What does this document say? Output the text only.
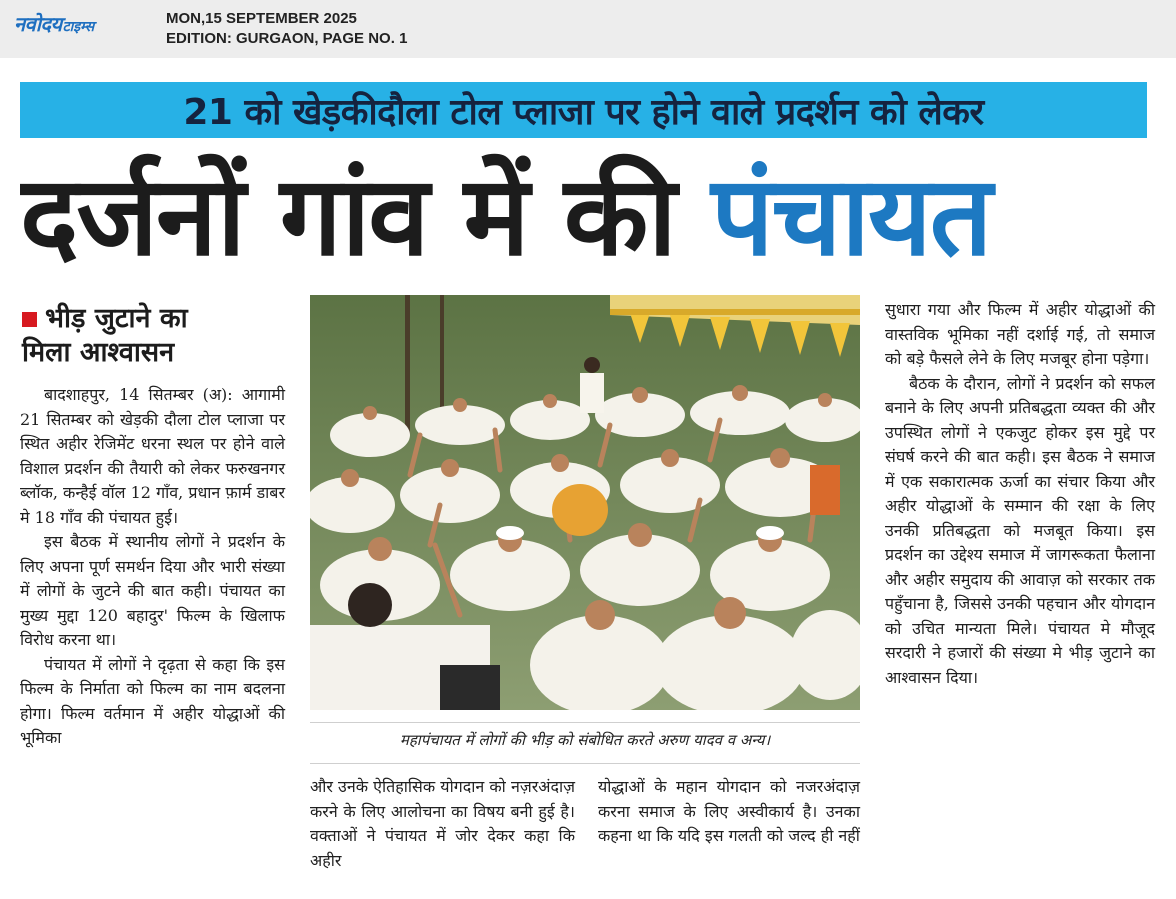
नवोदय टाइम्स	MON,15 SEPTEMBER 2025
EDITION: GURGAON, PAGE NO. 1
21 को खेड़कीदौला टोल प्लाजा पर होने वाले प्रदर्शन को लेकर
दर्जनों गांव में की पंचायत
भीड़ जुटाने का
मिला आश्वासन

बादशाहपुर, 14 सितम्बर (अ): आगामी 21 सितम्बर को खेड़की दौला टोल प्लाजा पर स्थित अहीर रेजिमेंट धरना स्थल पर होने वाले विशाल प्रदर्शन की तैयारी को लेकर फरुखनगर ब्लॉक, कन्हैई वॉल 12 गाँव, प्रधान फ़ार्म डाबर मे 18 गाँव की पंचायत हुई।

इस बैठक में स्थानीय लोगों ने प्रदर्शन के लिए अपना पूर्ण समर्थन दिया और भारी संख्या में लोगों के जुटने की बात कही। पंचायत का मुख्य मुद्दा 120 बहादुर' फिल्म के खिलाफ विरोध करना था।

पंचायत में लोगों ने दृढ़ता से कहा कि इस फिल्म के निर्माता को फिल्म का नाम बदलना होगा। फिल्म वर्तमान में अहीर योद्धाओं की भूमिका	महापंचायत में लोगों की भीड़ को संबोधित करते अरुण यादव व अन्य।

और उनके ऐतिहासिक योगदान को नज़रअंदाज़ करने के लिए आलोचना का विषय बनी हुई है। वक्ताओं ने पंचायत में जोर देकर कहा कि अहीर

योद्धाओं के महान योगदान को नजरअंदाज़ करना समाज के लिए अस्वीकार्य है। उनका कहना था कि यदि इस गलती को जल्द ही नहीं

सुधारा गया और फिल्म में अहीर योद्धाओं की वास्तविक भूमिका नहीं दर्शाई गई, तो समाज को बड़े फैसले लेने के लिए मजबूर होना पड़ेगा।

बैठक के दौरान, लोगों ने प्रदर्शन को सफल बनाने के लिए अपनी प्रतिबद्धता व्यक्त की और उपस्थित लोगों ने एकजुट होकर इस मुद्दे पर संघर्ष करने की बात कही। इस बैठक ने समाज में एक सकारात्मक ऊर्जा का संचार किया और अहीर योद्धाओं के सम्मान की रक्षा के लिए उनकी प्रतिबद्धता को मजबूत किया। इस प्रदर्शन का उद्देश्य समाज में जागरूकता फैलाना और अहीर समुदाय की आवाज़ को सरकार तक पहुँचाना है, जिससे उनकी पहचान और योगदान को उचित मान्यता मिले। पंचायत मे मौजूद सरदारी ने हजारों की संख्या मे भीड़ जुटाने का आश्वासन दिया।
